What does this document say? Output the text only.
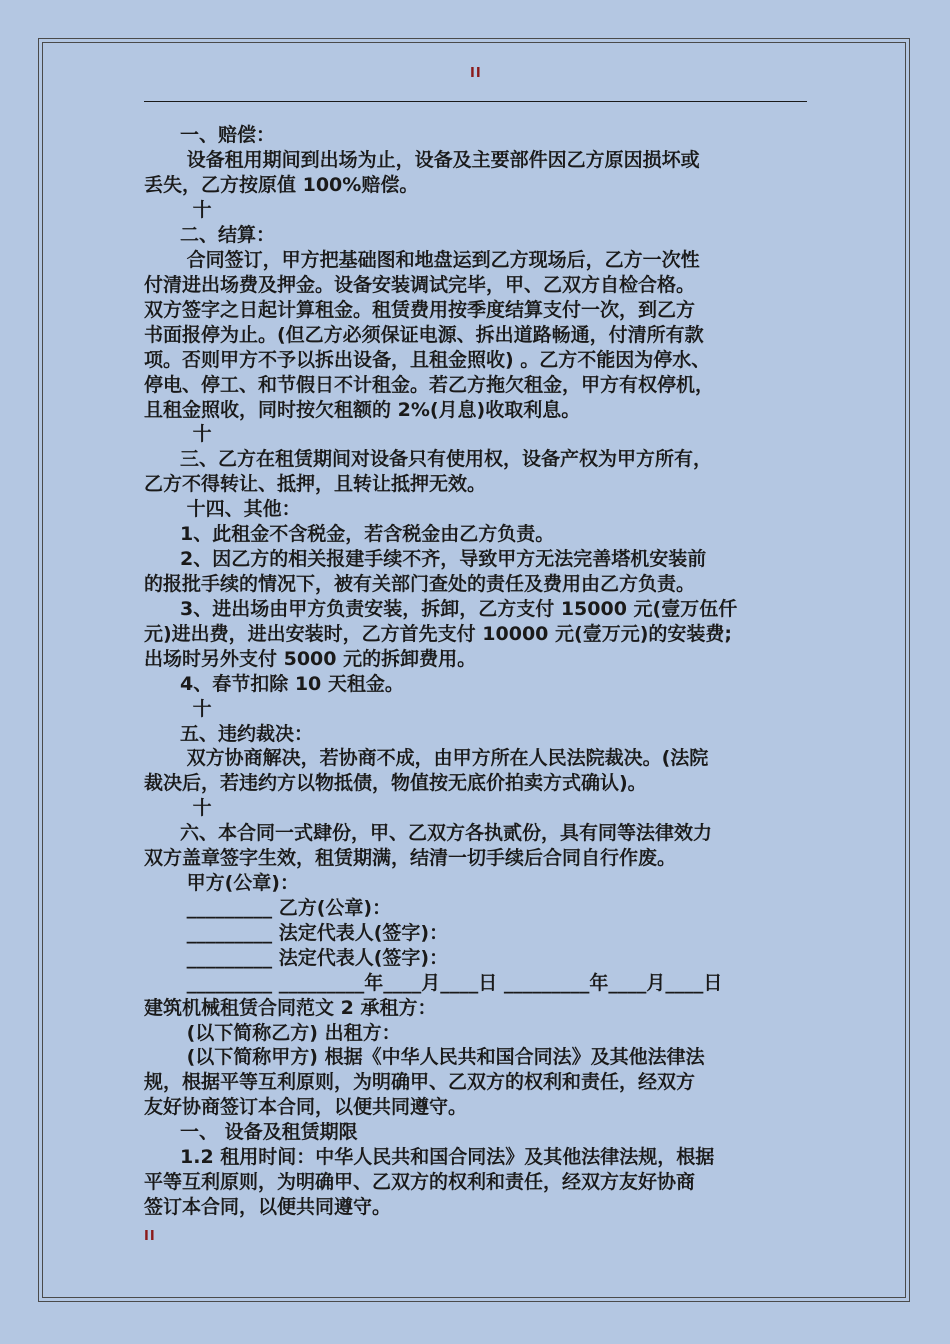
II
一、赔偿：
设备租用期间到出场为止，设备及主要部件因乙方原因损坏或
丢失，乙方按原值 100%赔偿。
十
二、结算：
合同签订，甲方把基础图和地盘运到乙方现场后，乙方一次性
付清进出场费及押金。设备安装调试完毕，甲、乙双方自检合格。
双方签字之日起计算租金。租赁费用按季度结算支付一次，到乙方
书面报停为止。(但乙方必须保证电源、拆出道路畅通，付清所有款
项。否则甲方不予以拆出设备，且租金照收) 。乙方不能因为停水、
停电、停工、和节假日不计租金。若乙方拖欠租金，甲方有权停机，
且租金照收，同时按欠租额的 2%(月息)收取利息。
十
三、乙方在租赁期间对设备只有使用权，设备产权为甲方所有，
乙方不得转让、抵押，且转让抵押无效。
十四、其他：
1、此租金不含税金，若含税金由乙方负责。
2、因乙方的相关报建手续不齐，导致甲方无法完善塔机安装前
的报批手续的情况下，被有关部门查处的责任及费用由乙方负责。
3、进出场由甲方负责安装，拆卸，乙方支付 15000 元(壹万伍仟
元)进出费，进出安装时，乙方首先支付 10000 元(壹万元)的安装费;
出场时另外支付 5000 元的拆卸费用。
4、春节扣除 10 天租金。
十
五、违约裁决：
双方协商解决，若协商不成，由甲方所在人民法院裁决。(法院
裁决后，若违约方以物抵债，物值按无底价拍卖方式确认)。
十
六、本合同一式肆份，甲、乙双方各执贰份，具有同等法律效力
双方盖章签字生效，租赁期满，结清一切手续后合同自行作废。
甲方(公章)：
_________ 乙方(公章)：
_________ 法定代表人(签字)：
_________ 法定代表人(签字)：
_________ _________年____月____日 _________年____月____日
建筑机械租赁合同范文 2 承租方：
(以下简称乙方) 出租方：
(以下简称甲方) 根据《中华人民共和国合同法》及其他法律法
规，根据平等互利原则，为明确甲、乙双方的权利和责任，经双方
友好协商签订本合同，以便共同遵守。
一、 设备及租赁期限
1.2 租用时间：中华人民共和国合同法》及其他法律法规，根据
平等互利原则，为明确甲、乙双方的权利和责任，经双方友好协商
签订本合同，以便共同遵守。
II
